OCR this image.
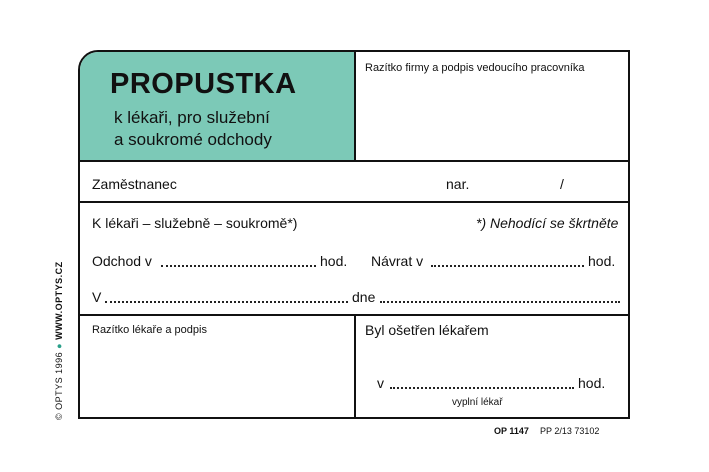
PROPUSTKA
k lékaři, pro služební
a soukromé odchody
Razítko firmy a podpis vedoucího pracovníka
Zaměstnanec	nar.	/
K lékaři – služebně – soukromě*)	*) Nehodící se škrtněte
Odchod v	hod. Návrat v	hod.
V	dne
Razítko lékaře a podpis	Byl ošetřen lékařem
v	hod.
vyplní lékař
© OPTYS 1996 ● WWW.OPTYS.CZ
OP 1147 PP 2/13 73102
